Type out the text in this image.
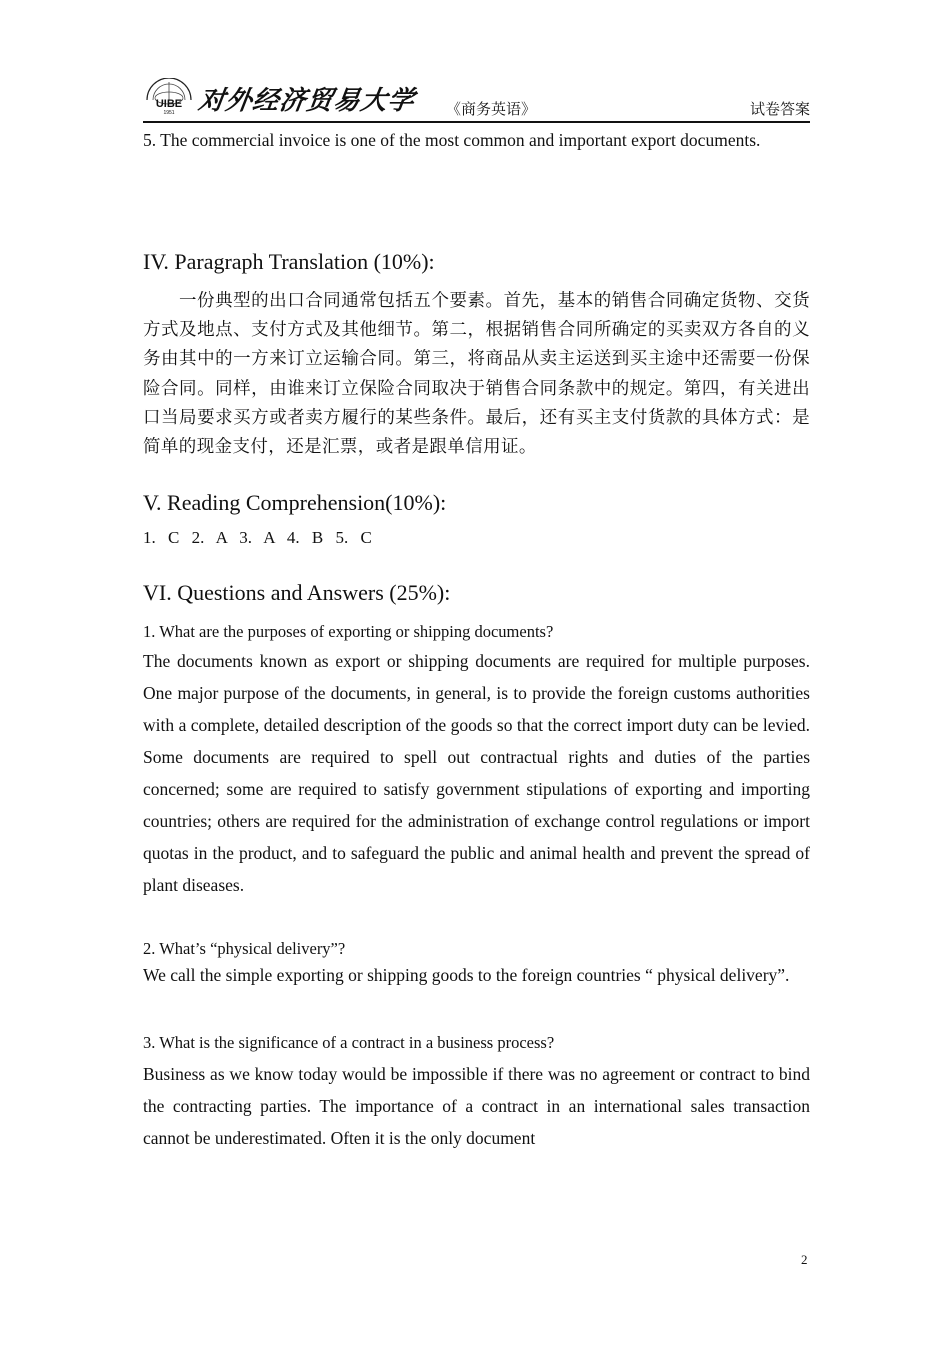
UIBE
1951 对外经济贸易大学 《商务英语》	试卷答案

5. The commercial invoice is one of the most common and important export documents.

IV. Paragraph Translation (10%):

一份典型的出口合同通常包括五个要素。首先，基本的销售合同确定货物、交货方式及地点、支付方式及其他细节。第二，根据销售合同所确定的买卖双方各自的义务由其中的一方来订立运输合同。第三，将商品从卖主运送到买主途中还需要一份保险合同。同样，由谁来订立保险合同取决于销售合同条款中的规定。第四，有关进出口当局要求买方或者卖方履行的某些条件。最后，还有买主支付货款的具体方式：是简单的现金支付，还是汇票，或者是跟单信用证。

V. Reading Comprehension(10%):

1. C 2. A 3. A 4. B 5. C

VI. Questions and Answers (25%):

1. What are the purposes of exporting or shipping documents?

The documents known as export or shipping documents are required for multiple purposes. One major purpose of the documents, in general, is to provide the foreign customs authorities with a complete, detailed description of the goods so that the correct import duty can be levied. Some documents are required to spell out contractual rights and duties of the parties concerned; some are required to satisfy government stipulations of exporting and importing countries; others are required for the administration of exchange control regulations or import quotas in the product, and to safeguard the public and animal health and prevent the spread of plant diseases.

2. What’s “physical delivery”?

We call the simple exporting or shipping goods to the foreign countries “ physical delivery”.

3. What is the significance of a contract in a business process?

Business as we know today would be impossible if there was no agreement or contract to bind the contracting parties. The importance of a contract in an international sales transaction cannot be underestimated. Often it is the only document

2
